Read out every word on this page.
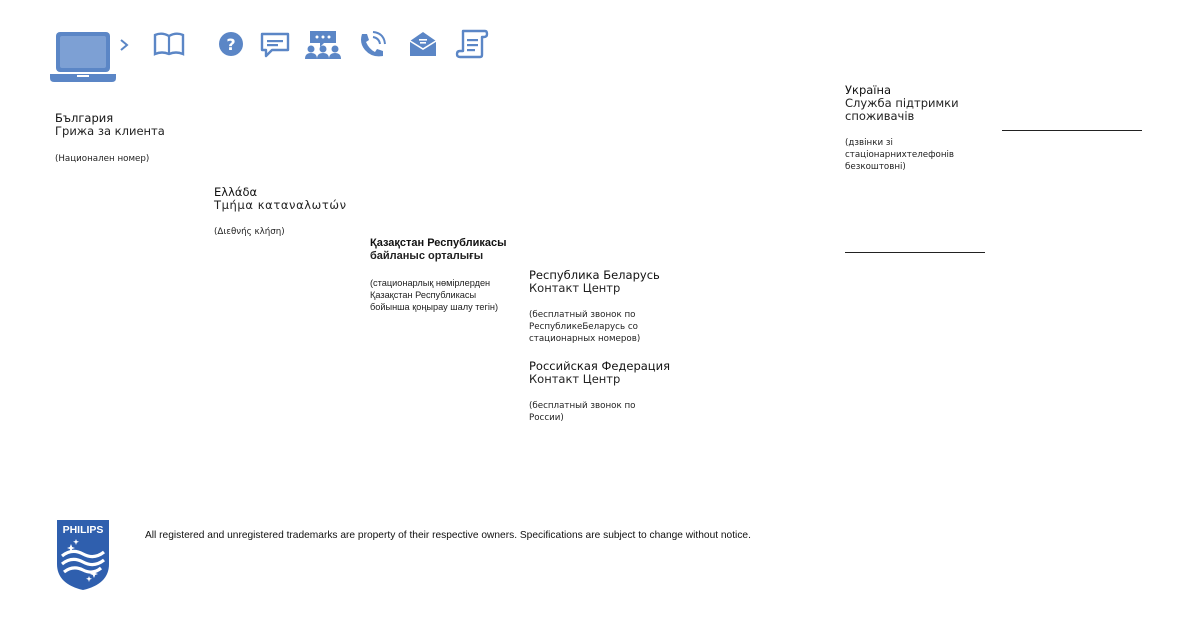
?
България
Грижа за клиента
(Национален номер)
Ελλάδα
Τμήμα καταναλωτών
(Διεθνής κλήση)
Қазақстан Республикасы
байланыс орталығы
(стационарлық нөмірлерден
Қазақстан Республикасы
бойынша қоңырау шалу тегін)
Республика Беларусь
Контакт Центр
(бесплатный звонок по
РеспубликеБеларусь со
стационарных номеров)
Российская Федерация
Контакт Центр
(бесплатный звонок по
России)
Україна
Служба підтримки
споживачів
(дзвінки зі
стаціонарнихтелефонів
безкоштовні)
PHILIPS	All registered and unregistered trademarks are property of their respective owners. Specifications are subject to change without notice.
